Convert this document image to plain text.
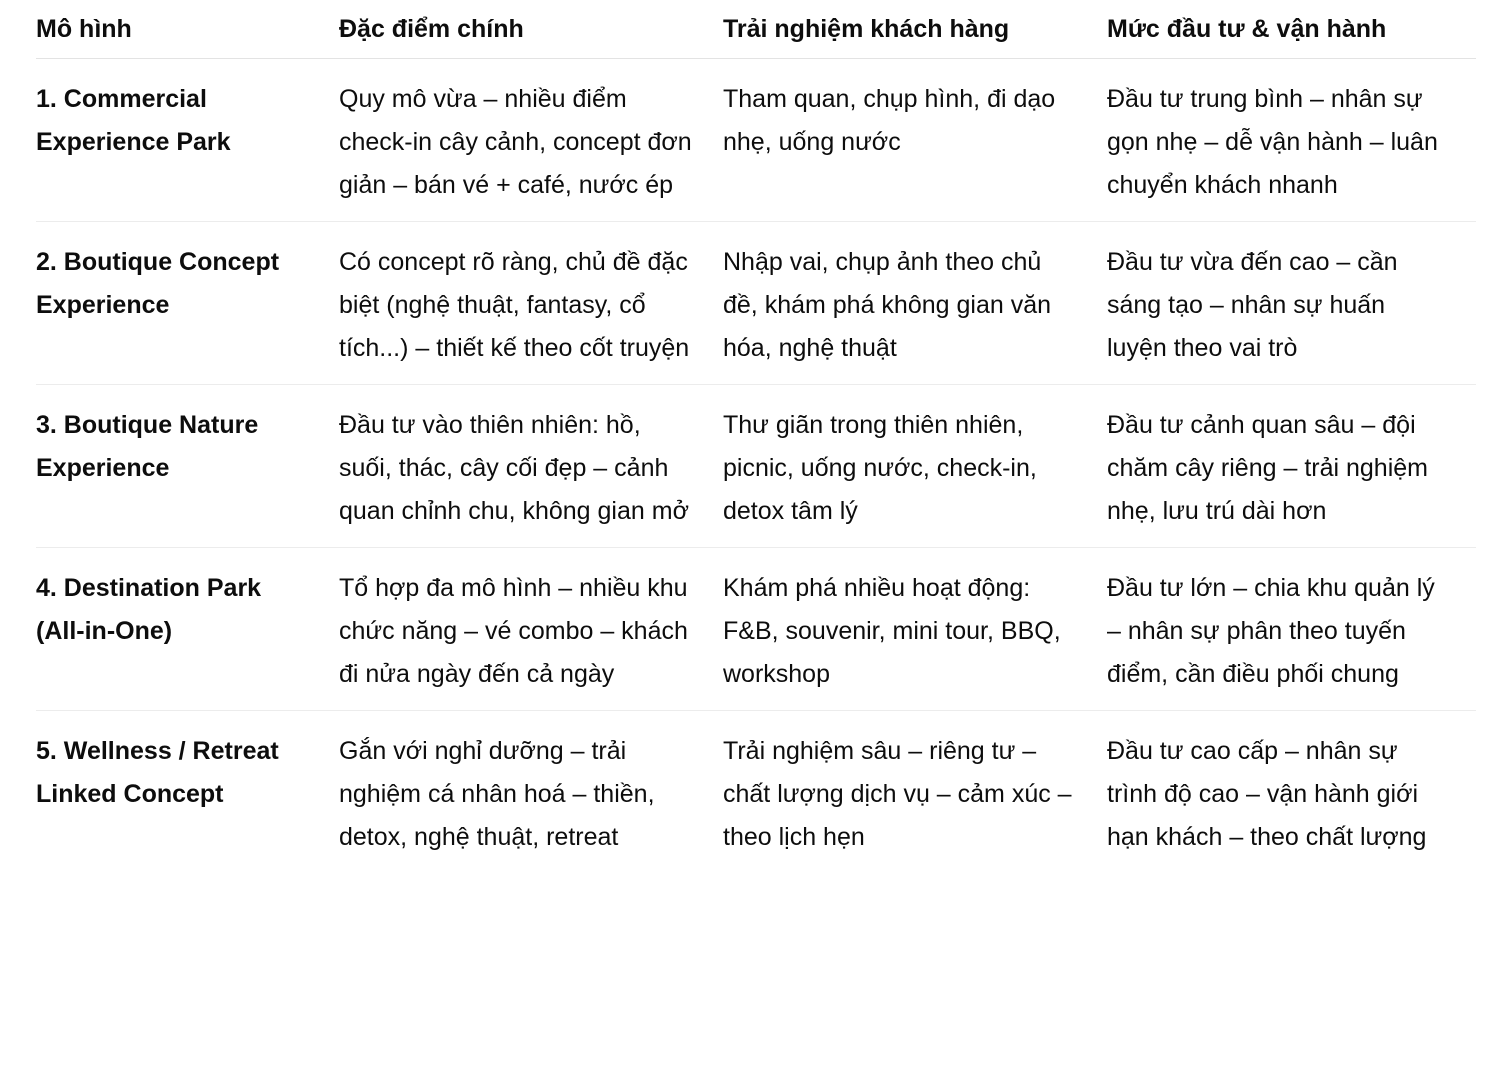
Mô hình	Đặc điểm chính	Trải nghiệm khách hàng	Mức đầu tư & vận hành
1. Commercial Experience Park	Quy mô vừa – nhiều điểm check-in cây cảnh, concept đơn giản – bán vé + café, nước ép	Tham quan, chụp hình, đi dạo nhẹ, uống nước	Đầu tư trung bình – nhân sự gọn nhẹ – dễ vận hành – luân chuyển khách nhanh
2. Boutique Concept Experience	Có concept rõ ràng, chủ đề đặc biệt (nghệ thuật, fantasy, cổ tích...) – thiết kế theo cốt truyện	Nhập vai, chụp ảnh theo chủ đề, khám phá không gian văn hóa, nghệ thuật	Đầu tư vừa đến cao – cần sáng tạo – nhân sự huấn luyện theo vai trò
3. Boutique Nature Experience	Đầu tư vào thiên nhiên: hồ, suối, thác, cây cối đẹp – cảnh quan chỉnh chu, không gian mở	Thư giãn trong thiên nhiên, picnic, uống nước, check-in, detox tâm lý	Đầu tư cảnh quan sâu – đội chăm cây riêng – trải nghiệm nhẹ, lưu trú dài hơn
4. Destination Park (All-in-One)	Tổ hợp đa mô hình – nhiều khu chức năng – vé combo – khách đi nửa ngày đến cả ngày	Khám phá nhiều hoạt động: F&B, souvenir, mini tour, BBQ, workshop	Đầu tư lớn – chia khu quản lý – nhân sự phân theo tuyến điểm, cần điều phối chung
5. Wellness / Retreat Linked Concept	Gắn với nghỉ dưỡng – trải nghiệm cá nhân hoá – thiền, detox, nghệ thuật, retreat	Trải nghiệm sâu – riêng tư – chất lượng dịch vụ – cảm xúc – theo lịch hẹn	Đầu tư cao cấp – nhân sự trình độ cao – vận hành giới hạn khách – theo chất lượng
